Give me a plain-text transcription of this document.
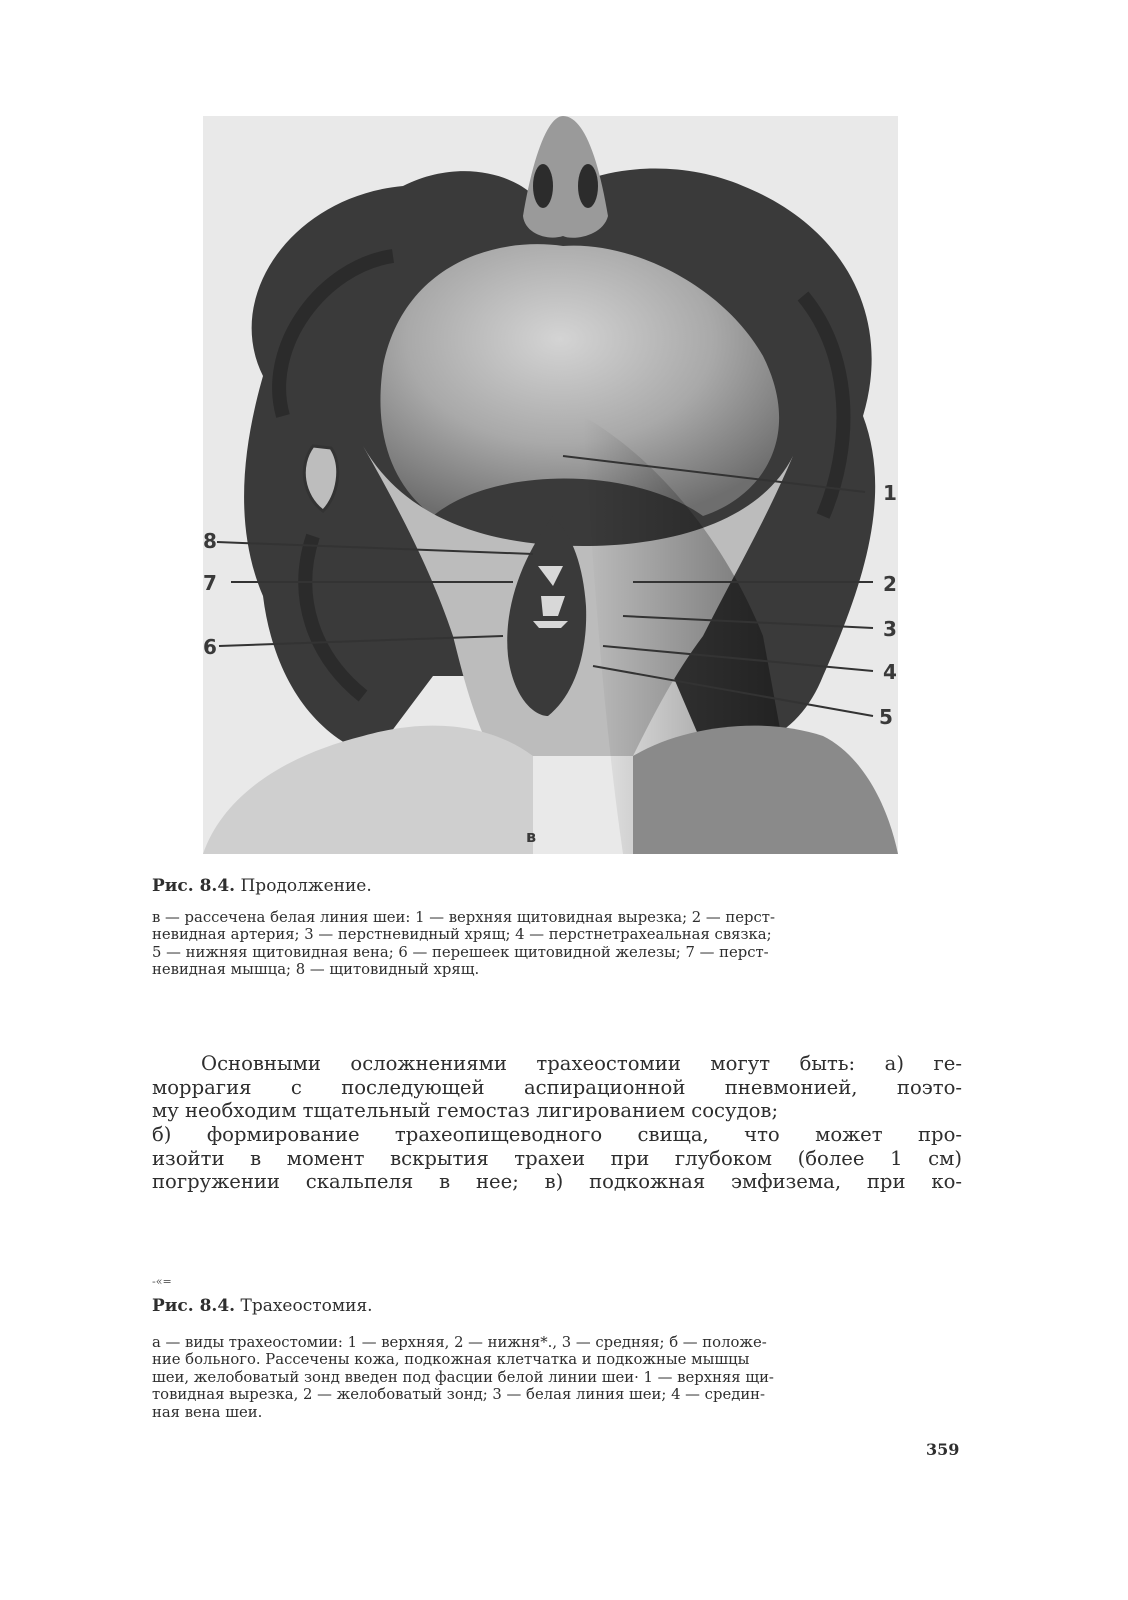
1
2
3
4
5
6
7
8
в
Рис. 8.4. Продолжение.
в — рассечена белая линия шеи: 1 — верхняя щитовидная вырезка; 2 — перст-
невидная артерия; 3 — перстневидный хрящ; 4 — перстнетрахеальная связка;
5 — нижняя щитовидная вена; 6 — перешеек щитовидной железы; 7 — перст-
невидная мышца; 8 — щитовидный хрящ.

Основными осложнениями трахеостомии могут быть: а) ге-

моррагия с последующей аспирационной пневмонией, поэто-

му необходим тщательный гемостаз лигированием сосудов;

б) формирование трахеопищеводного свища, что может про-

изойти в момент вскрытия трахеи при глубоком (более 1 см)

погружении скальпеля в нее; в) подкожная эмфизема, при ко-

-«=
Рис. 8.4. Трахеостомия.
а — виды трахеостомии: 1 — верхняя, 2 — нижня*., 3 — средняя; б — положе-
ние больного. Рассечены кожа, подкожная клетчатка и подкожные мышцы
шеи, желобоватый зонд введен под фасции белой линии шеи· 1 — верхняя щи-
товидная вырезка, 2 — желобоватый зонд; 3 — белая линия шеи; 4 — средин-
ная вена шеи.
359
